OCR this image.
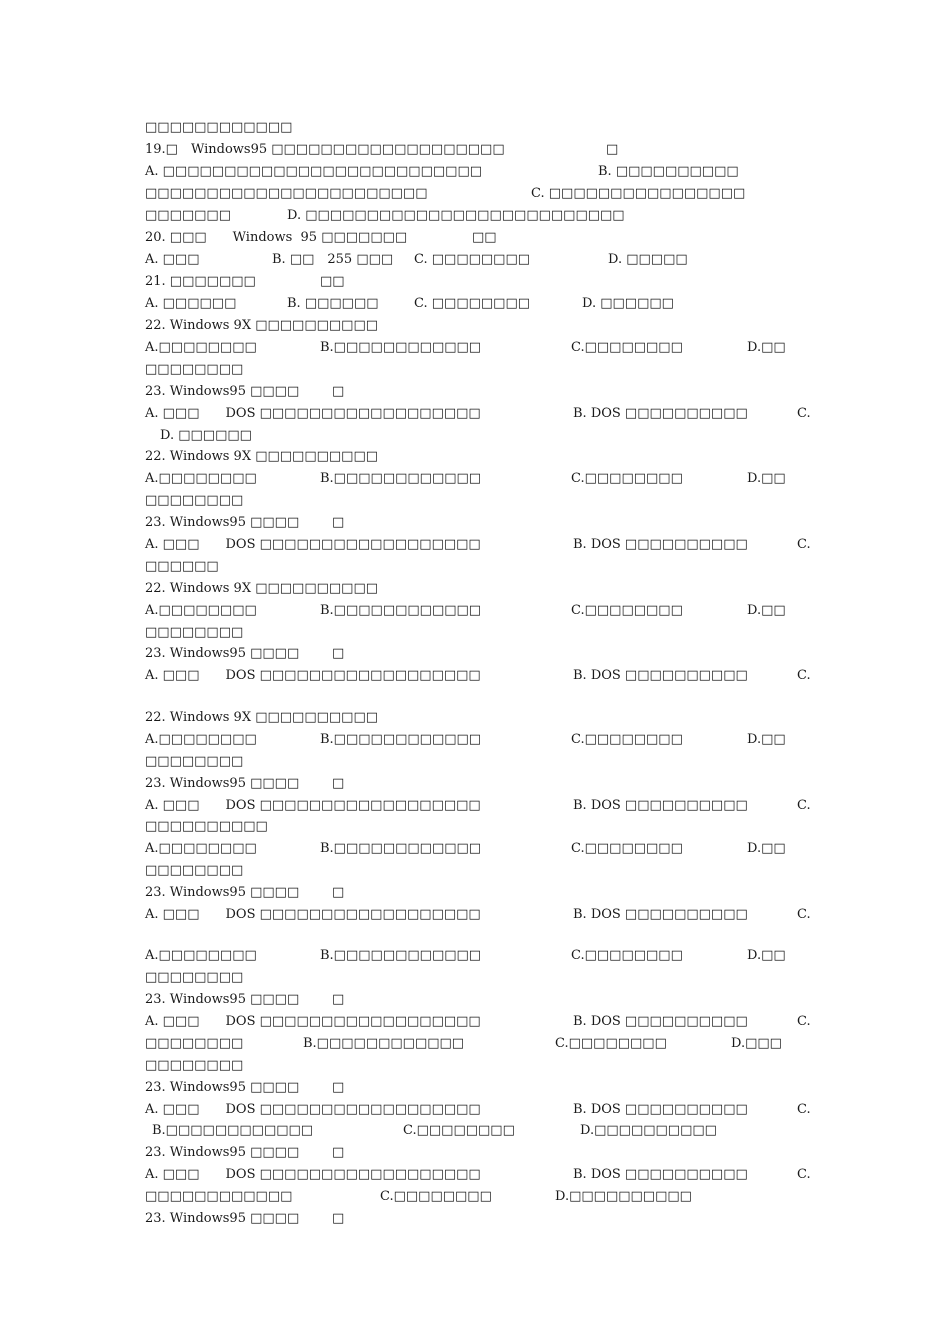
□□□□□□□□□□□□
19.□　Windows95 □□□□□□□□□□□□□□□□□□□	□
A. □□□□□□□□□□□□□□□□□□□□□□□□□□	B. □□□□□□□□□□
□□□□□□□□□□□□□□□□□□□□□□□	C. □□□□□□□□□□□□□□□□
□□□□□□□	D. □□□□□□□□□□□□□□□□□□□□□□□□□□
20. □□□　　Windows  95 □□□□□□□	□□
A. □□□	B. □□　255 □□□ C. □□□□□□□□	D. □□□□□
21. □□□□□□□	□□
A. □□□□□□	B. □□□□□□	C. □□□□□□□□	D. □□□□□□
22. Windows 9X □□□□□□□□□□
A.□□□□□□□□	B.□□□□□□□□□□□□	C.□□□□□□□□	D.□□
□□□□□□□□
23. Windows95 □□□□	□
A. □□□　　DOS □□□□□□□□□□□□□□□□□□	B. DOS □□□□□□□□□□	C.
D. □□□□□□
22. Windows 9X □□□□□□□□□□
A.□□□□□□□□	B.□□□□□□□□□□□□	C.□□□□□□□□	D.□□
□□□□□□□□
23. Windows95 □□□□	□
A. □□□　　DOS □□□□□□□□□□□□□□□□□□	B. DOS □□□□□□□□□□	C.
□□□□□□
22. Windows 9X □□□□□□□□□□
A.□□□□□□□□	B.□□□□□□□□□□□□	C.□□□□□□□□	D.□□
□□□□□□□□
23. Windows95 □□□□	□
A. □□□　　DOS □□□□□□□□□□□□□□□□□□	B. DOS □□□□□□□□□□	C.
22. Windows 9X □□□□□□□□□□
A.□□□□□□□□	B.□□□□□□□□□□□□	C.□□□□□□□□	D.□□
□□□□□□□□
23. Windows95 □□□□	□
A. □□□　　DOS □□□□□□□□□□□□□□□□□□	B. DOS □□□□□□□□□□	C.
□□□□□□□□□□
A.□□□□□□□□	B.□□□□□□□□□□□□	C.□□□□□□□□	D.□□
□□□□□□□□
23. Windows95 □□□□	□
A. □□□　　DOS □□□□□□□□□□□□□□□□□□	B. DOS □□□□□□□□□□	C.
A.□□□□□□□□	B.□□□□□□□□□□□□	C.□□□□□□□□	D.□□
□□□□□□□□
23. Windows95 □□□□	□
A. □□□　　DOS □□□□□□□□□□□□□□□□□□	B. DOS □□□□□□□□□□	C.
□□□□□□□□	B.□□□□□□□□□□□□	C.□□□□□□□□	D.□□□
□□□□□□□□
23. Windows95 □□□□	□
A. □□□　　DOS □□□□□□□□□□□□□□□□□□	B. DOS □□□□□□□□□□	C.
B.□□□□□□□□□□□□	C.□□□□□□□□	D.□□□□□□□□□□
23. Windows95 □□□□	□
A. □□□　　DOS □□□□□□□□□□□□□□□□□□	B. DOS □□□□□□□□□□	C.
□□□□□□□□□□□□	C.□□□□□□□□	D.□□□□□□□□□□
23. Windows95 □□□□	□
